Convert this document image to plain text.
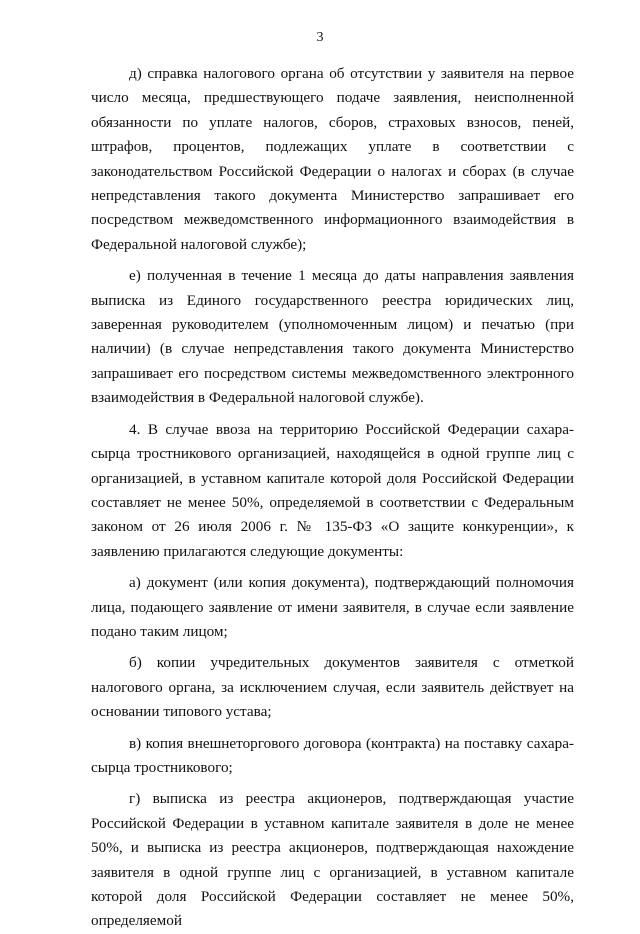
3

д) справка налогового органа об отсутствии у заявителя на первое число месяца, предшествующего подаче заявления, неисполненной обязанности по уплате налогов, сборов, страховых взносов, пеней, штрафов, процентов, подлежащих уплате в соответствии с законодательством Российской Федерации о налогах и сборах (в случае непредставления такого документа Министерство запрашивает его посредством межведомственного информационного взаимодействия в Федеральной налоговой службе);

е) полученная в течение 1 месяца до даты направления заявления выписка из Единого государственного реестра юридических лиц, заверенная руководителем (уполномоченным лицом) и печатью (при наличии) (в случае непредставления такого документа Министерство запрашивает его посредством системы межведомственного электронного взаимодействия в Федеральной налоговой службе).

4. В случае ввоза на территорию Российской Федерации сахара-сырца тростникового организацией, находящейся в одной группе лиц с организацией, в уставном капитале которой доля Российской Федерации составляет не менее 50%, определяемой в соответствии с Федеральным законом от 26 июля 2006 г. № 135-ФЗ «О защите конкуренции», к заявлению прилагаются следующие документы:

а) документ (или копия документа), подтверждающий полномочия лица, подающего заявление от имени заявителя, в случае если заявление подано таким лицом;

б) копии учредительных документов заявителя с отметкой налогового органа, за исключением случая, если заявитель действует на основании типового устава;

в) копия внешнеторгового договора (контракта) на поставку сахара-сырца тростникового;

г) выписка из реестра акционеров, подтверждающая участие Российской Федерации в уставном капитале заявителя в доле не менее 50%, и выписка из реестра акционеров, подтверждающая нахождение заявителя в одной группе лиц с организацией, в уставном капитале которой доля Российской Федерации составляет не менее 50%, определяемой
